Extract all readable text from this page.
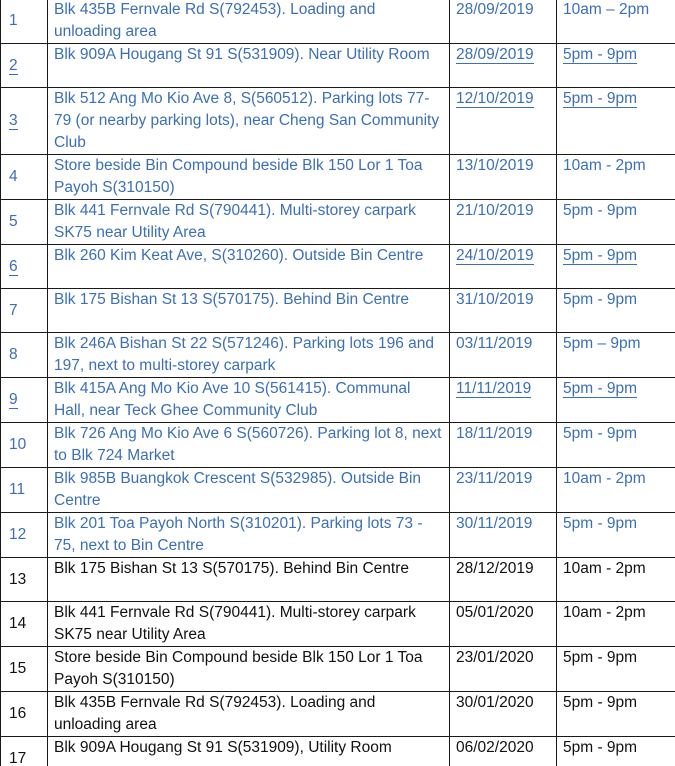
1	Blk 435B Fernvale Rd S(792453). Loading and unloading area	28/09/2019	10am – 2pm
2	Blk 909A Hougang St 91 S(531909). Near Utility Room	28/09/2019	5pm - 9pm
3	Blk 512 Ang Mo Kio Ave 8, S(560512). Parking lots 77-79 (or nearby parking lots), near Cheng San Community Club	12/10/2019	5pm - 9pm
4	Store beside Bin Compound beside Blk 150 Lor 1 Toa Payoh S(310150)	13/10/2019	10am - 2pm
5	Blk 441 Fernvale Rd S(790441). Multi-storey carpark SK75 near Utility Area	21/10/2019	5pm - 9pm
6	Blk 260 Kim Keat Ave, S(310260). Outside Bin Centre	24/10/2019	5pm - 9pm
7	Blk 175 Bishan St 13 S(570175). Behind Bin Centre	31/10/2019	5pm - 9pm
8	Blk 246A Bishan St 22 S(571246). Parking lots 196 and 197, next to multi-storey carpark	03/11/2019	5pm – 9pm
9	Blk 415A Ang Mo Kio Ave 10 S(561415). Communal Hall, near Teck Ghee Community Club	11/11/2019	5pm - 9pm
10	Blk 726 Ang Mo Kio Ave 6 S(560726). Parking lot 8, next to Blk 724 Market	18/11/2019	5pm - 9pm
11	Blk 985B Buangkok Crescent S(532985). Outside Bin Centre	23/11/2019	10am - 2pm
12	Blk 201 Toa Payoh North S(310201). Parking lots 73 - 75, next to Bin Centre	30/11/2019	5pm - 9pm
13	Blk 175 Bishan St 13 S(570175). Behind Bin Centre	28/12/2019	10am - 2pm
14	Blk 441 Fernvale Rd S(790441). Multi-storey carpark SK75 near Utility Area	05/01/2020	10am - 2pm
15	Store beside Bin Compound beside Blk 150 Lor 1 Toa Payoh S(310150)	23/01/2020	5pm - 9pm
16	Blk 435B Fernvale Rd S(792453). Loading and unloading area	30/01/2020	5pm - 9pm
17	Blk 909A Hougang St 91 S(531909), Utility Room	06/02/2020	5pm - 9pm
